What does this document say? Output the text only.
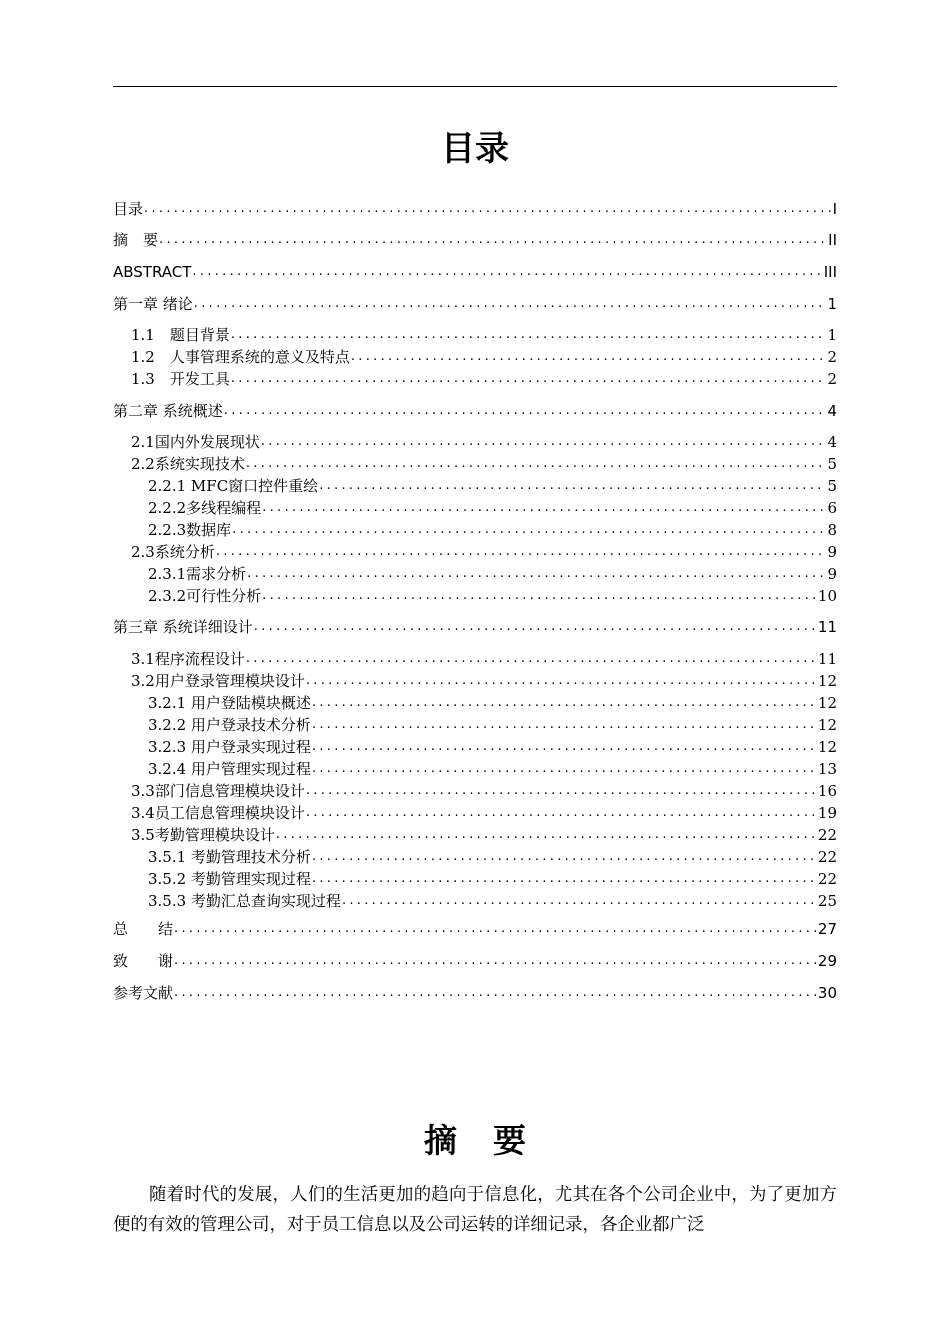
目录
目录 .....	I
摘　要 .....	II
ABSTRACT .....	III
第一章 绪论 .....	1
1.1　题目背景 .....	1
1.2　人事管理系统的意义及特点 .....	2
1.3　开发工具 .....	2
第二章 系统概述 .....	4
2.1国内外发展现状 .....	4
2.2系统实现技术 .....	5
2.2.1 MFC窗口控件重绘 .....	5
2.2.2多线程编程 .....	6
2.2.3数据库 .....	8
2.3系统分析 .....	9
2.3.1需求分析 .....	9
2.3.2可行性分析 .....	10
第三章 系统详细设计 .....	11
3.1程序流程设计 .....	11
3.2用户登录管理模块设计 .....	12
3.2.1 用户登陆模块概述 .....	12
3.2.2 用户登录技术分析 .....	12
3.2.3 用户登录实现过程 .....	12
3.2.4 用户管理实现过程 .....	13
3.3部门信息管理模块设计 .....	16
3.4员工信息管理模块设计 .....	19
3.5考勤管理模块设计 .....	22
3.5.1 考勤管理技术分析 .....	22
3.5.2 考勤管理实现过程 .....	22
3.5.3 考勤汇总查询实现过程 .....	25
总　　结 .....	27
致　　谢 .....	29
参考文献 .....	30
摘要
随着时代的发展，人们的生活更加的趋向于信息化，尤其在各个公司企业中，为了更加方便的有效的管理公司，对于员工信息以及公司运转的详细记录，各企业都广泛
